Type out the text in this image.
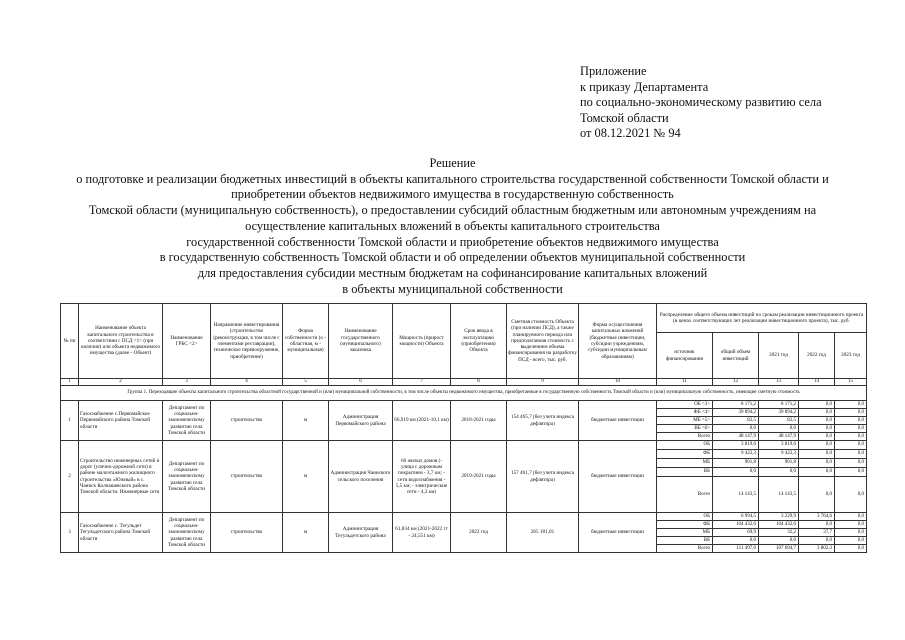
Приложение
к приказу Департамента
по социально-экономическому развитию села
Томской области
от 08.12.2021 № 94
Решение
о подготовке и реализации бюджетных инвестиций в объекты капитального строительства государственной собственности Томской области и
приобретении объектов недвижимого имущества в государственную собственность
Томской области (муниципальную собственность), о предоставлении субсидий областным бюджетным или автономным учреждениям на
осуществление капитальных вложений в объекты капитального строительства
государственной собственности Томской области и приобретение объектов недвижимого имущества
в государственную собственность Томской области и об определении объектов муниципальной собственности
для предоставления субсидии местным бюджетам на софинансирование капитальных вложений
в объекты муниципальной собственности
№ пп	Наименование объекта капитального строительства в соответствии с ПСД <1> (при наличии) или объекта недвижимого имущества (далее - Объект)	Наименование ГРБС <2>	Направление инвестирования (строительство (реконструкция, в том числе с элементами реставрации), техническое перевооружение, приобретение)	Форма собственности (о - областная, м - муниципальная)	Наименование государственного (муниципального) заказчика	Мощность (прирост мощности) Объекта	Срок ввода в эксплуатацию (приобретения) Объекта	Сметная стоимость Объекта (при наличии ПСД), а также планируемого периода или предполагаемая стоимость с выделением объема финансирования на разработку ПСД - всего, тыс. руб.	Форма осуществления капитальных вложений (бюджетные инвестиции, субсидии учреждениям, субсидии муниципальным образованиям)	Распределение общего объема инвестиций по срокам реализации инвестиционного проекта (в ценах соответствующих лет реализации инвестиционного проекта), тыс. руб.				
										источник финансирования	общий объем инвестиций	2021 год	2022 год	2023 год
1	2	3	4	5	6	7	8	9	10	11	12	13	14	15
Группа 1. Переходящие объекты капитального строительства областной государственной и (или) муниципальной собственности, в том числе объекты недвижимого имущества, приобретаемые в государственную собственность Томской области и (или) муниципальную собственность, имеющие сметную стоимость														
1	Газоснабжение с.Первомайское Первомайского района Томской области	Департамент по социально-экономическому развитию села Томской области	строительство	м	Администрация Первомайского района	66,919 км (2021-10,1 км)	2018-2021 годы	154 465,7 (без учета индекса дефлятора)	бюджетные инвестиции	ОБ <3>	8 171,2	8 171,2	0,0	0,0
										ФБ <4>	39 894,2	39 894,2	0,0	0,0
										МБ <5>	82,5	82,5	0,0	0,0
										ВБ <6>	0,0	0,0	0,0	0,0
										Всего	48 147,9	48 147,9	0,0	0,0
2	Строительство инженерных сетей и дорог (улично-дорожной сети) в районе малоэтажного жилищного строительства «Южный» в с. Чаинск Колпашевского района Томской области. Инженерные сети	Департамент по социально-экономическому развитию села Томской области	строительство	м	Администрация Чаинского сельского поселения	66 жилых домов (- улица с дорожным покрытием - 3,7 км; - сети водоснабжения - 5,5 км; - электрические сети - 4,3 км)	2019-2021 годы	157 461,7 (без учета индекса дефлятора)	бюджетные инвестиции	ОБ	3 819,6	3 819,6	0,0	0,0
										ФБ	9 422,3	9 422,3	0,0	0,0
										МБ	901,8	901,8	0,0	0,0
										ВБ	0,0	0,0	0,0	0,0
										Всего	14 143,5	14 143,5	0,0	0,0
3	Газоснабжение с. Тегульдет Тегульдетского района Томской области	Департамент по социально-экономическому развитию села Томской области	строительство	м	Администрация Тегульдетского района	61,834 км (2021-2022 гг - 24,551 км)	2022 год	265 181,01	бюджетные инвестиции	ОБ	6 994,5	3 229,9	3 764,6	0,0
										ФБ	104 432,6	104 432,6	0,0	0,0
										МБ	69,9	32,2	37,7	0,0
										ВБ	0,0	0,0	0,0	0,0
										Всего	111 497,0	107 694,7	3 802,3	0,0
